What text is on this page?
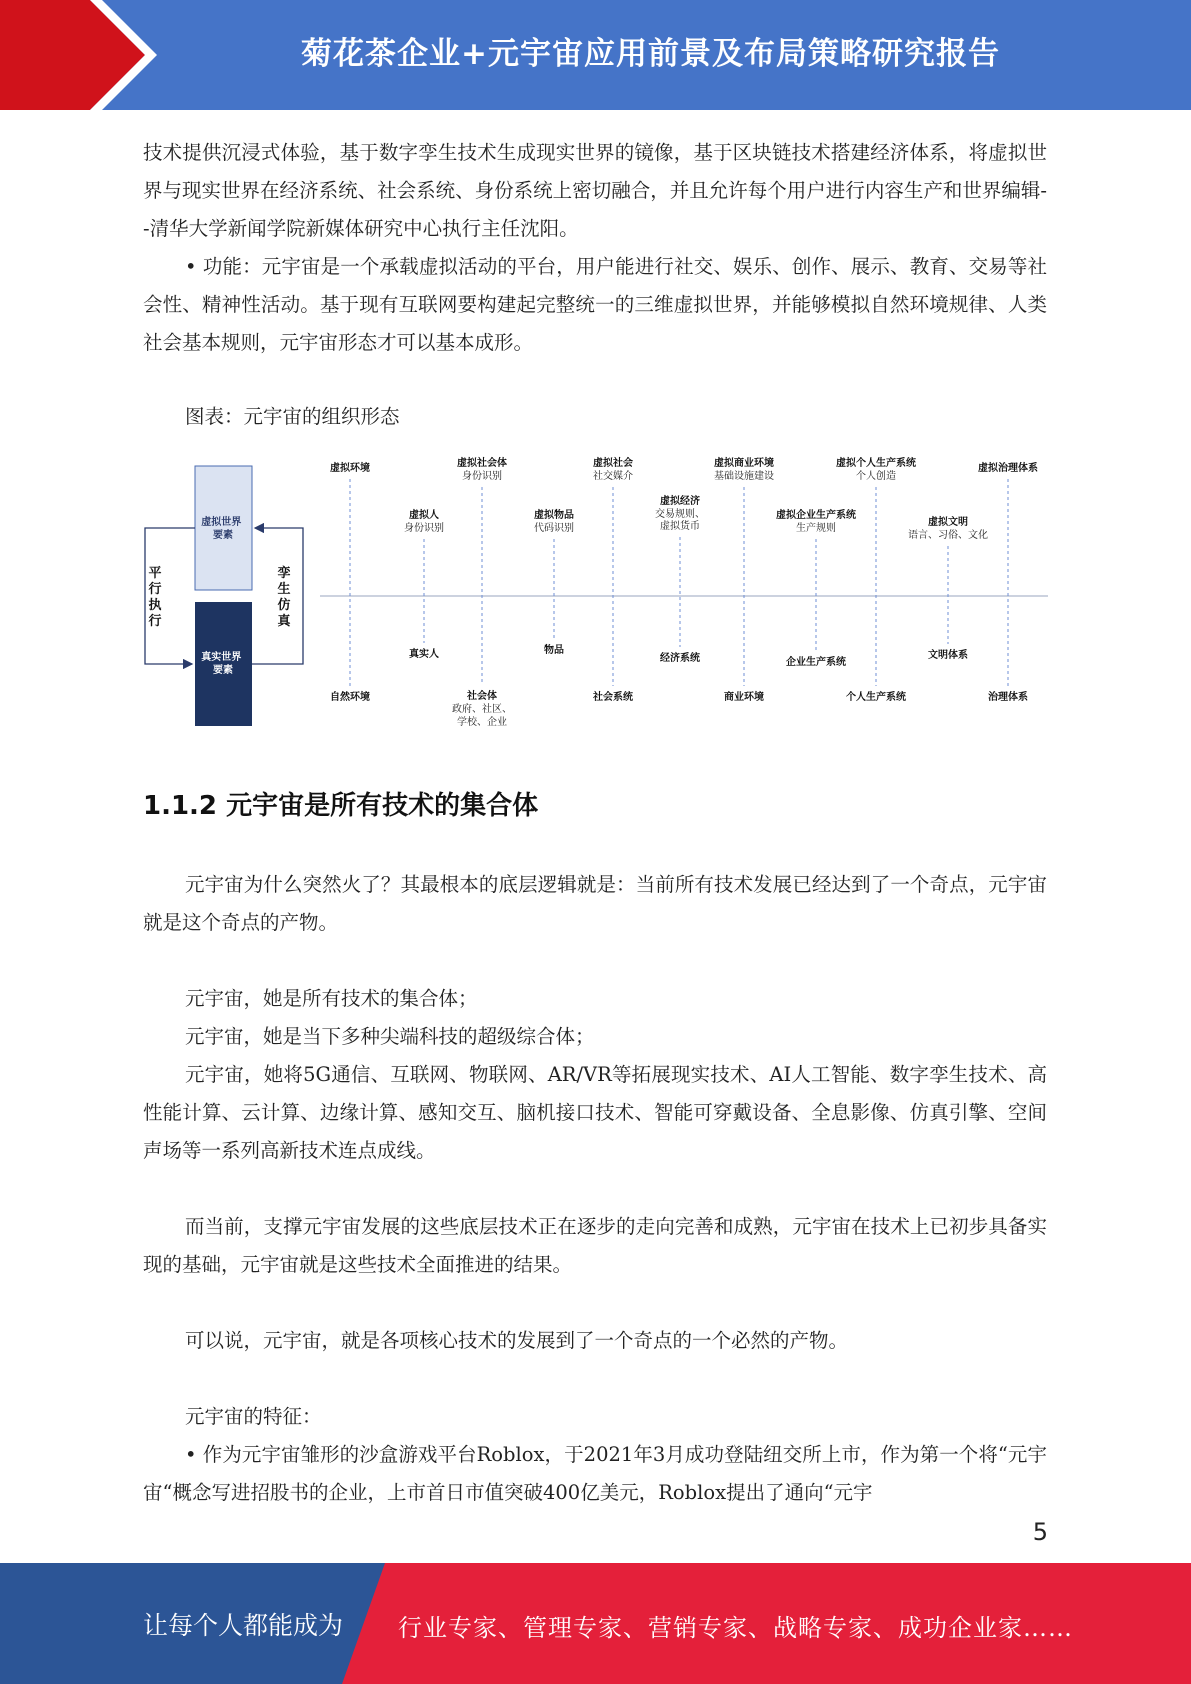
菊花茶企业+元宇宙应用前景及布局策略研究报告

技术提供沉浸式体验，基于数字孪生技术生成现实世界的镜像，基于区块链技术搭建经济体系，将虚拟世界与现实世界在经济系统、社会系统、身份系统上密切融合，并且允许每个用户进行内容生产和世界编辑--清华大学新闻学院新媒体研究中心执行主任沈阳。

• 功能：元宇宙是一个承载虚拟活动的平台，用户能进行社交、娱乐、创作、展示、教育、交易等社会性、精神性活动。基于现有互联网要构建起完整统一的三维虚拟世界，并能够模拟自然环境规律、人类社会基本规则，元宇宙形态才可以基本成形。

图表：元宇宙的组织形态

虚拟世界 要素
真实世界 要素
平
行
执
行
孪
生
仿
真
虚拟环境
自然环境
虚拟人
身份识别
真实人
虚拟社会体
身份识别
社会体
政府、社区、
学校、企业
虚拟物品
代码识别
物品
虚拟社会
社交媒介
社会系统
虚拟经济
交易规则、
虚拟货币
经济系统
虚拟商业环境
基础设施建设
商业环境
虚拟企业生产系统
生产规则
企业生产系统
虚拟个人生产系统
个人创造
个人生产系统
虚拟文明
语言、习俗、文化
文明体系
虚拟治理体系
治理体系
1.1.2 元宇宙是所有技术的集合体

元宇宙为什么突然火了？其最根本的底层逻辑就是：当前所有技术发展已经达到了一个奇点，元宇宙就是这个奇点的产物。

元宇宙，她是所有技术的集合体；

元宇宙，她是当下多种尖端科技的超级综合体；

元宇宙，她将5G通信、互联网、物联网、AR/VR等拓展现实技术、AI人工智能、数字孪生技术、高性能计算、云计算、边缘计算、感知交互、脑机接口技术、智能可穿戴设备、全息影像、仿真引擎、空间声场等一系列高新技术连点成线。

而当前，支撑元宇宙发展的这些底层技术正在逐步的走向完善和成熟，元宇宙在技术上已初步具备实现的基础，元宇宙就是这些技术全面推进的结果。

可以说，元宇宙，就是各项核心技术的发展到了一个奇点的一个必然的产物。

元宇宙的特征：

• 作为元宇宙雏形的沙盒游戏平台Roblox，于2021年3月成功登陆纽交所上市，作为第一个将“元宇宙“概念写进招股书的企业，上市首日市值突破400亿美元，Roblox提出了通向“元宇

5
让每个人都能成为 行业专家、管理专家、营销专家、战略专家、成功企业家……
